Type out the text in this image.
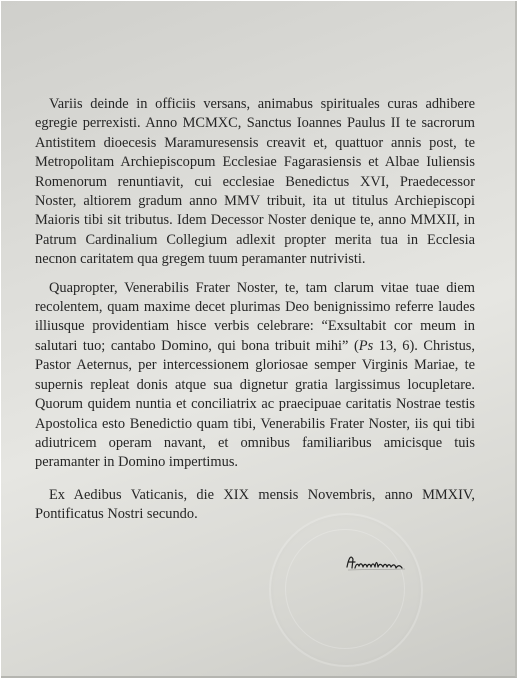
Variis deinde in officiis versans, animabus spirituales curas adhibere egregie perrexisti. Anno MCMXC, Sanctus Ioannes Paulus II te sacrorum Antistitem dioecesis Maramuresensis creavit et, quattuor annis post, te Metropolitam Archiepiscopum Ecclesiae Fagarasiensis et Albae Iuliensis Romenorum renuntiavit, cui ecclesiae Benedictus XVI, Praedecessor Noster, altiorem gradum anno MMV tribuit, ita ut titulus Archiepiscopi Maioris tibi sit tributus. Idem Decessor Noster denique te, anno MMXII, in Patrum Cardinalium Collegium adlexit propter merita tua in Ecclesia necnon caritatem qua gregem tuum peramanter nutrivisti.

Quapropter, Venerabilis Frater Noster, te, tam clarum vitae tuae diem recolentem, quam maxime decet plurimas Deo benignissimo referre laudes illiusque providentiam hisce verbis celebrare: “Exsultabit cor meum in salutari tuo; cantabo Domino, qui bona tribuit mihi” (Ps 13, 6). Christus, Pastor Aeternus, per intercessionem gloriosae semper Virginis Mariae, te supernis repleat donis atque sua dignetur gratia largissimus locupletare. Quorum quidem nuntia et conciliatrix ac praecipuae caritatis Nostrae testis Apostolica esto Benedictio quam tibi, Venerabilis Frater Noster, iis qui tibi adiutricem operam navant, et omnibus familiaribus amicisque tuis peramanter in Domino impertimus.

Ex Aedibus Vaticanis, die XIX mensis Novembris, anno MMXIV, Pontificatus Nostri secundo.
